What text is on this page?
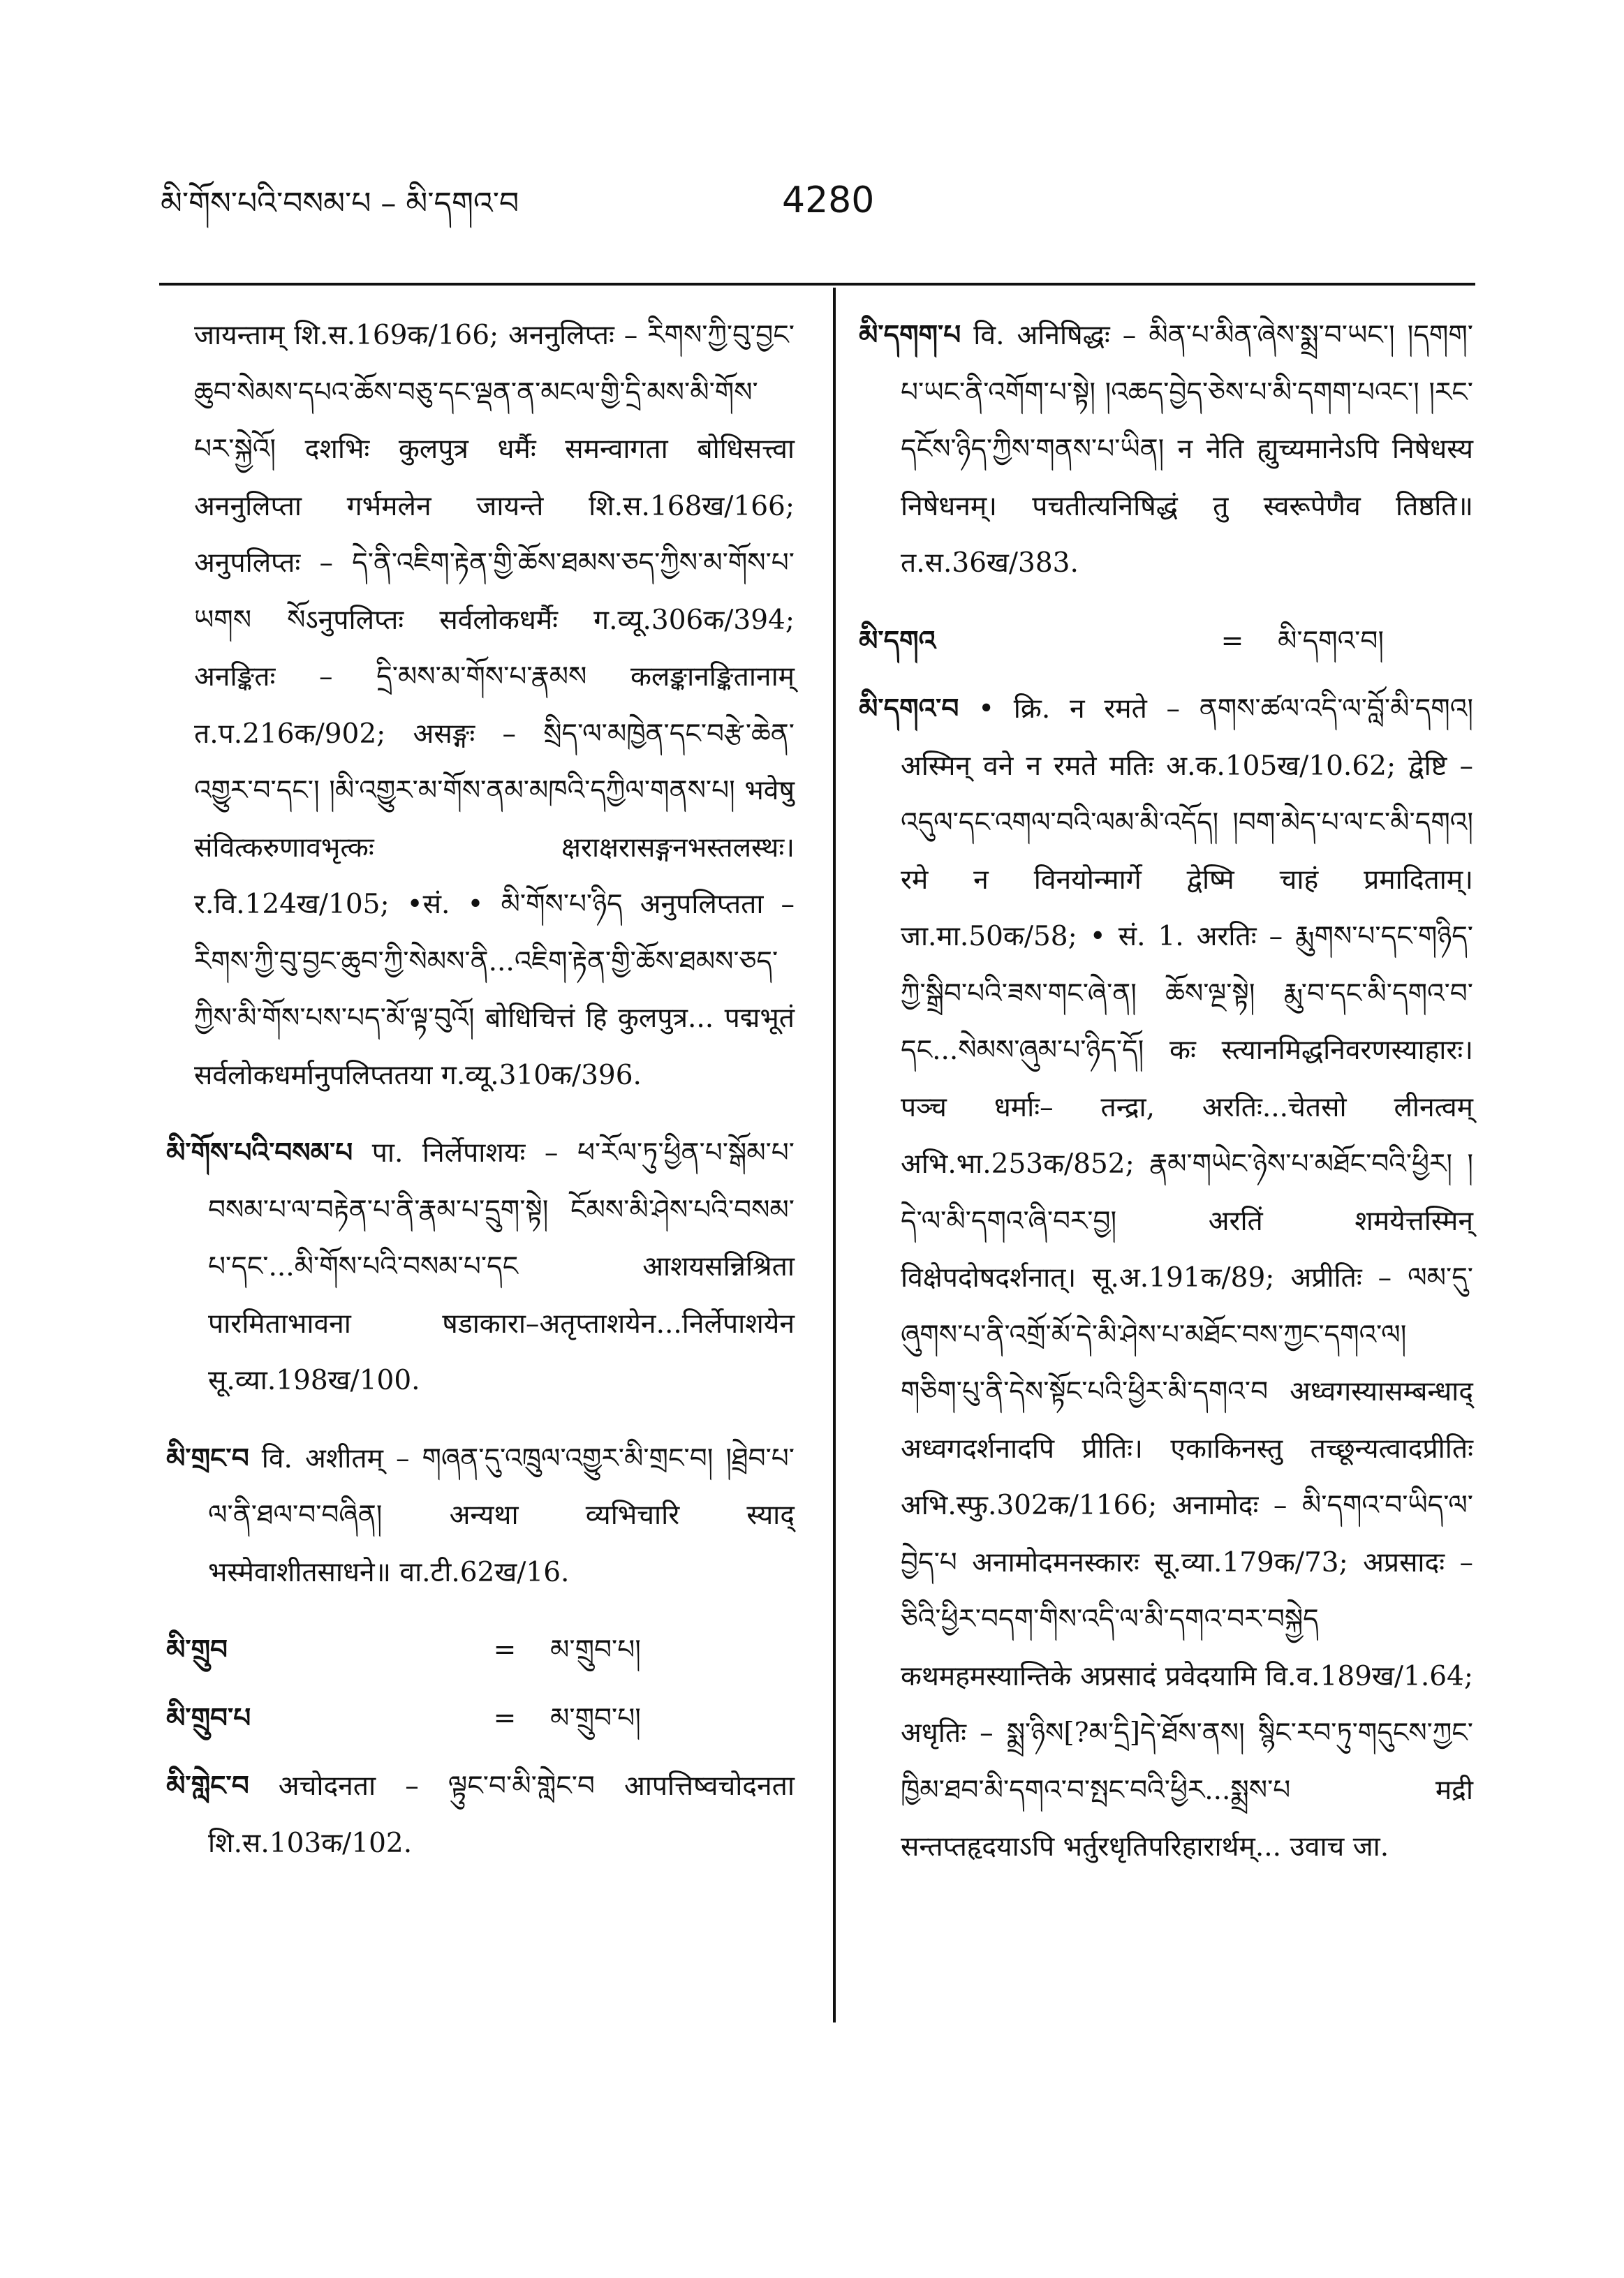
མི་གོས་པའི་བསམ་པ – མི་དགའ་བ	4280

जायन्ताम् शि.स.169क/166; अननुलिप्तः – རིགས་ཀྱི་བུ་བྱང་ཆུབ་སེམས་དཔའ་ཆོས་བཅུ་དང་ལྡན་ན་མངལ་གྱི་དྲི་མས་མི་གོས་པར་སྐྱེའོ། दशभिः कुलपुत्र धर्मैः समन्वागता बोधिसत्त्वा अननुलिप्ता गर्भमलेन जायन्ते शि.स.168ख/166; अनुपलिप्तः – དེ་ནི་འཇིག་རྟེན་གྱི་ཆོས་ཐམས་ཅད་ཀྱིས་མ་གོས་པ་ཡགས སོऽनुपलिप्तः सर्वलोकधर्मैः ग.व्यू.306क/394; अनङ्कितः – དྲི་མས་མ་གོས་པ་རྣམས कलङ्कानङ्कितानाम् त.प.216क/902; असङ्गः – སྲིད་ལ་མཁྱེན་དང་བརྩེ་ཆེན་འགྱུར་བ་དང་། །མི་འགྱུར་མ་གོས་ནམ་མཁའི་དཀྱིལ་གནས་པ། भवेषु संवित्करुणावभृत्कः क्षराक्षरासङ्गनभस्तलस्थः। र.वि.124ख/105; •सं. • མི་གོས་པ་ཉིད अनुपलिप्तता – རིགས་ཀྱི་བུ་བྱང་ཆུབ་ཀྱི་སེམས་ནི...འཇིག་རྟེན་གྱི་ཆོས་ཐམས་ཅད་ཀྱིས་མི་གོས་པས་པད་མོ་ལྟ་བུའོ། बोधिचित्तं हि कुलपुत्र... पद्मभूतं सर्वलोकधर्मानुपलिप्ततया ग.व्यू.310क/396.

མི་གོས་པའི་བསམ་པ पा. निर्लेपाशयः – ཕ་རོལ་ཏུ་ཕྱིན་པ་སྒོམ་པ་བསམ་པ་ལ་བརྟེན་པ་ནི་རྣམ་པ་དྲུག་སྟེ། ངོམས་མི་ཤེས་པའི་བསམ་པ་དང་...མི་གོས་པའི་བསམ་པ་དང आशयसन्निश्रिता पारमिताभावना षडाकारा–अतृप्ताशयेन...निर्लेपाशयेन सू.व्या.198ख/100.

མི་གྲང་བ वि. अशीतम् – གཞན་དུ་འཁྲུལ་འགྱུར་མི་གྲང་བ། །ཐྲེབ་པ་ལ་ནི་ཐལ་བ་བཞིན། अन्यथा व्यभिचारि स्याद् भस्मेवाशीतसाधने॥ वा.टी.62ख/16.

མི་གྲུབ	=	མ་གྲུབ་པ།
མི་གྲུབ་པ	=	མ་གྲུབ་པ།

མི་གླེང་བ अचोदनता – ལྟུང་བ་མི་གླེང་བ आपत्तिष्वचोदनता शि.स.103क/102.

མི་དགག་པ वि. अनिषिद्धः – མིན་པ་མིན་ཞེས་སྨྲ་བ་ཡང་། །དགག་པ་ཡང་ནི་འགོག་པ་སྟེ། །འཆད་བྱེད་ཅེས་པ་མི་དགག་པའང་། །རང་དངོས་ཉིད་ཀྱིས་གནས་པ་ཡིན། न नेति ह्युच्यमानेऽपि निषेधस्य निषेधनम्। पचतीत्यनिषिद्धं तु स्वरूपेणैव तिष्ठति॥ त.स.36ख/383.

མི་དགའ	=	མི་དགའ་བ།

མི་དགའ་བ • क्रि. न रमते – ནགས་ཚལ་འདི་ལ་བློ་མི་དགའ། अस्मिन् वने न रमते मतिः अ.क.105ख/10.62; द्वेष्टि – འདུལ་དང་འགལ་བའི་ལམ་མི་འདོད། །བག་མེད་པ་ལ་ང་མི་དགའ། रमे न विनयोन्मार्गे द्वेष्मि चाहं प्रमादिताम्। जा.मा.50क/58; • सं. 1. अरतिः – རྨུགས་པ་དང་གཉིད་ཀྱི་སྒྲིབ་པའི་ཟས་གང་ཞེ་ན། ཆོས་ལྔ་སྟེ། རྨུ་བ་དང་མི་དགའ་བ་དང...སེམས་ཞུམ་པ་ཉིད་དོ། कः स्त्यानमिद्धनिवरणस्याहारः। पञ्च धर्माः– तन्द्रा, अरतिः...चेतसो लीनत्वम् अभि.भा.253क/852; རྣམ་གཡེང་ཉེས་པ་མཐོང་བའི་ཕྱིར། །དེ་ལ་མི་དགའ་ཞི་བར་བྱ། अरतिं शमयेत्तस्मिन् विक्षेपदोषदर्शनात्। सू.अ.191क/89; अप्रीतिः – ལམ་དུ་ཞུགས་པ་ནི་འགྲོ་མོ་དེ་མི་ཤེས་པ་མཐོང་བས་ཀྱང་དགའ་ལ། གཅིག་པུ་ནི་དེས་སྟོང་པའི་ཕྱིར་མི་དགའ་བ अध्वगस्यासम्बन्धाद् अध्वगदर्शनादपि प्रीतिः। एकाकिनस्तु तच्छून्यत्वादप्रीतिः अभि.स्फु.302क/1166; अनामोदः – མི་དགའ་བ་ཡིད་ལ་བྱེད་པ अनामोदमनस्कारः सू.व्या.179क/73; अप्रसादः – ཅིའི་ཕྱིར་བདག་གིས་འདི་ལ་མི་དགའ་བར་བསྐྱེད कथमहमस्यान्तिके अप्रसादं प्रवेदयामि वि.व.189ख/1.64; अधृतिः – སྨྲ་ཉིས[?མ་དྲི]དེ་ཐོས་ནས། སྙིང་རབ་ཏུ་གདུངས་ཀྱང་ཁྱིམ་ཐབ་མི་དགའ་བ་སྤང་བའི་ཕྱིར...སྨྲས་པ मद्री सन्तप्तहृदयाऽपि भर्तुरधृतिपरिहारार्थम्... उवाच जा.
